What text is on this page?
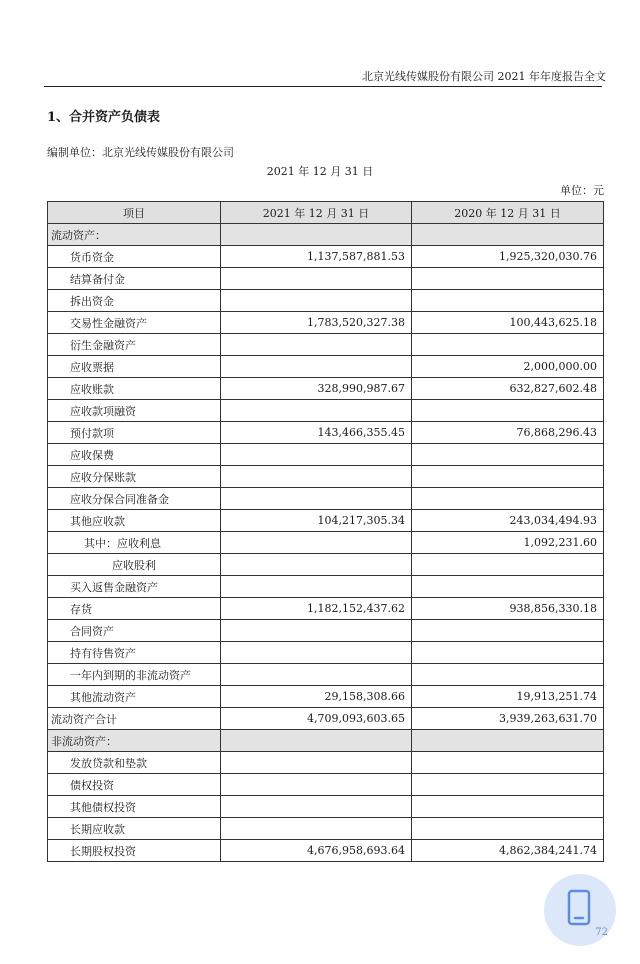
北京光线传媒股份有限公司 2021 年年度报告全文
1、合并资产负债表
编制单位：北京光线传媒股份有限公司
2021 年 12 月 31 日
单位：元
项目	2021 年 12 月 31 日	2020 年 12 月 31 日
流动资产：		
货币资金	1,137,587,881.53	1,925,320,030.76
结算备付金		
拆出资金		
交易性金融资产	1,783,520,327.38	100,443,625.18
衍生金融资产		
应收票据		2,000,000.00
应收账款	328,990,987.67	632,827,602.48
应收款项融资		
预付款项	143,466,355.45	76,868,296.43
应收保费		
应收分保账款		
应收分保合同准备金		
其他应收款	104,217,305.34	243,034,494.93
其中：应收利息		1,092,231.60
应收股利		
买入返售金融资产		
存货	1,182,152,437.62	938,856,330.18
合同资产		
持有待售资产		
一年内到期的非流动资产		
其他流动资产	29,158,308.66	19,913,251.74
流动资产合计	4,709,093,603.65	3,939,263,631.70
非流动资产：		
发放贷款和垫款		
债权投资		
其他债权投资		
长期应收款		
长期股权投资	4,676,958,693.64	4,862,384,241.74
72
